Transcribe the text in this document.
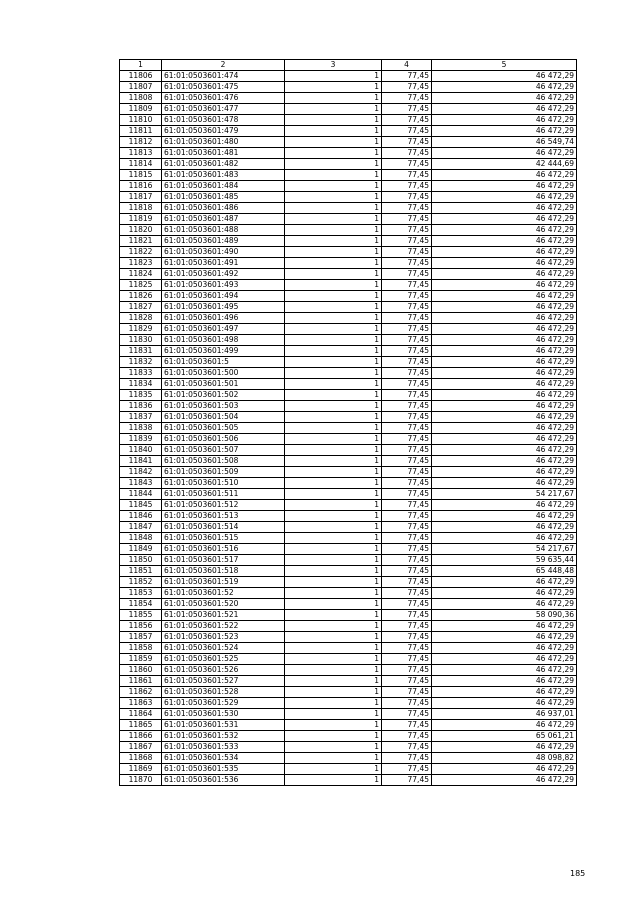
1	2	3	4	5
11806	61:01:0503601:474	1	77,45	46 472,29
11807	61:01:0503601:475	1	77,45	46 472,29
11808	61:01:0503601:476	1	77,45	46 472,29
11809	61:01:0503601:477	1	77,45	46 472,29
11810	61:01:0503601:478	1	77,45	46 472,29
11811	61:01:0503601:479	1	77,45	46 472,29
11812	61:01:0503601:480	1	77,45	46 549,74
11813	61:01:0503601:481	1	77,45	46 472,29
11814	61:01:0503601:482	1	77,45	42 444,69
11815	61:01:0503601:483	1	77,45	46 472,29
11816	61:01:0503601:484	1	77,45	46 472,29
11817	61:01:0503601:485	1	77,45	46 472,29
11818	61:01:0503601:486	1	77,45	46 472,29
11819	61:01:0503601:487	1	77,45	46 472,29
11820	61:01:0503601:488	1	77,45	46 472,29
11821	61:01:0503601:489	1	77,45	46 472,29
11822	61:01:0503601:490	1	77,45	46 472,29
11823	61:01:0503601:491	1	77,45	46 472,29
11824	61:01:0503601:492	1	77,45	46 472,29
11825	61:01:0503601:493	1	77,45	46 472,29
11826	61:01:0503601:494	1	77,45	46 472,29
11827	61:01:0503601:495	1	77,45	46 472,29
11828	61:01:0503601:496	1	77,45	46 472,29
11829	61:01:0503601:497	1	77,45	46 472,29
11830	61:01:0503601:498	1	77,45	46 472,29
11831	61:01:0503601:499	1	77,45	46 472,29
11832	61:01:0503601:5	1	77,45	46 472,29
11833	61:01:0503601:500	1	77,45	46 472,29
11834	61:01:0503601:501	1	77,45	46 472,29
11835	61:01:0503601:502	1	77,45	46 472,29
11836	61:01:0503601:503	1	77,45	46 472,29
11837	61:01:0503601:504	1	77,45	46 472,29
11838	61:01:0503601:505	1	77,45	46 472,29
11839	61:01:0503601:506	1	77,45	46 472,29
11840	61:01:0503601:507	1	77,45	46 472,29
11841	61:01:0503601:508	1	77,45	46 472,29
11842	61:01:0503601:509	1	77,45	46 472,29
11843	61:01:0503601:510	1	77,45	46 472,29
11844	61:01:0503601:511	1	77,45	54 217,67
11845	61:01:0503601:512	1	77,45	46 472,29
11846	61:01:0503601:513	1	77,45	46 472,29
11847	61:01:0503601:514	1	77,45	46 472,29
11848	61:01:0503601:515	1	77,45	46 472,29
11849	61:01:0503601:516	1	77,45	54 217,67
11850	61:01:0503601:517	1	77,45	59 635,44
11851	61:01:0503601:518	1	77,45	65 448,48
11852	61:01:0503601:519	1	77,45	46 472,29
11853	61:01:0503601:52	1	77,45	46 472,29
11854	61:01:0503601:520	1	77,45	46 472,29
11855	61:01:0503601:521	1	77,45	58 090,36
11856	61:01:0503601:522	1	77,45	46 472,29
11857	61:01:0503601:523	1	77,45	46 472,29
11858	61:01:0503601:524	1	77,45	46 472,29
11859	61:01:0503601:525	1	77,45	46 472,29
11860	61:01:0503601:526	1	77,45	46 472,29
11861	61:01:0503601:527	1	77,45	46 472,29
11862	61:01:0503601:528	1	77,45	46 472,29
11863	61:01:0503601:529	1	77,45	46 472,29
11864	61:01:0503601:530	1	77,45	46 937,01
11865	61:01:0503601:531	1	77,45	46 472,29
11866	61:01:0503601:532	1	77,45	65 061,21
11867	61:01:0503601:533	1	77,45	46 472,29
11868	61:01:0503601:534	1	77,45	48 098,82
11869	61:01:0503601:535	1	77,45	46 472,29
11870	61:01:0503601:536	1	77,45	46 472,29
185
